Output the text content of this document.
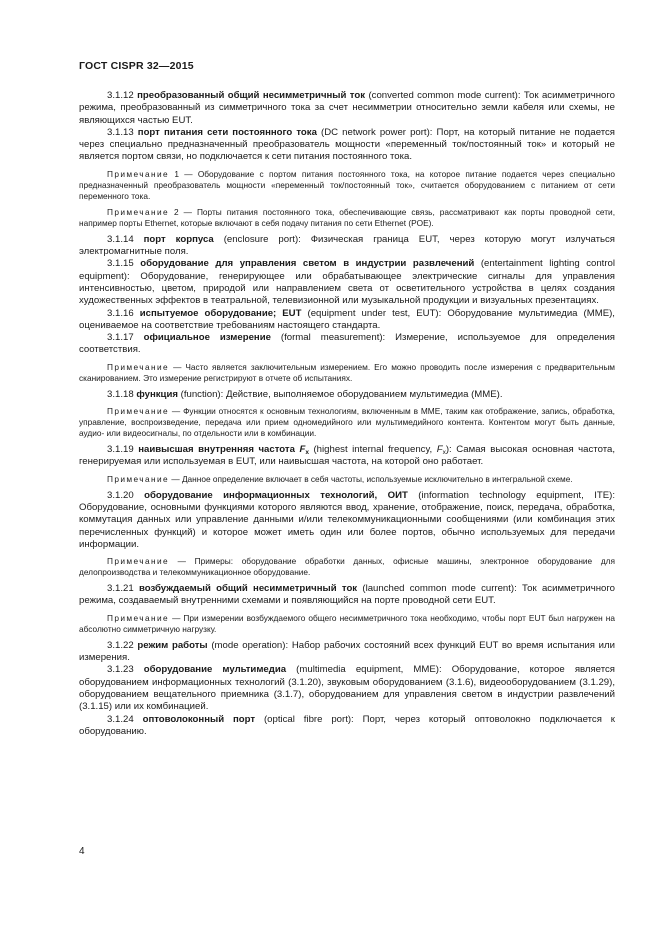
ГОСТ CISPR 32—2015

3.1.12 преобразованный общий несимметричный ток (converted common mode current): Ток асимметричного режима, преобразованный из симметричного тока за счет несимметрии относительно земли кабеля или схемы, не являющихся частью EUT.

3.1.13 порт питания сети постоянного тока (DC network power port): Порт, на который питание не подается через специально предназначенный преобразователь мощности «переменный ток/постоянный ток» и который не является портом связи, но подключается к сети питания постоянного тока.

Примечание 1 — Оборудование с портом питания постоянного тока, на которое питание подается через специально предназначенный преобразователь мощности «переменный ток/постоянный ток», считается оборудованием с питанием от сети переменного тока.

Примечание 2 — Порты питания постоянного тока, обеспечивающие связь, рассматривают как порты проводной сети, например порты Ethernet, которые включают в себя подачу питания по сети Ethernet (POE).

3.1.14 порт корпуса (enclosure port): Физическая граница EUT, через которую могут излучаться электромагнитные поля.

3.1.15 оборудование для управления светом в индустрии развлечений (entertainment lighting control equipment): Оборудование, генерирующее или обрабатывающее электрические сигналы для управления интенсивностью, цветом, природой или направлением света от осветительного устройства в целях создания художественных эффектов в театральной, телевизионной или музыкальной продукции и визуальных презентациях.

3.1.16 испытуемое оборудование; EUT (equipment under test, EUT): Оборудование мультимедиа (MME), оцениваемое на соответствие требованиям настоящего стандарта.

3.1.17 официальное измерение (formal measurement): Измерение, используемое для определения соответствия.

Примечание — Часто является заключительным измерением. Его можно проводить после измерения с предварительным сканированием. Это измерение регистрируют в отчете об испытаниях.

3.1.18 функция (function): Действие, выполняемое оборудованием мультимедиа (MME).

Примечание — Функции относятся к основным технологиям, включенным в MME, таким как отображение, запись, обработка, управление, воспроизведение, передача или прием одномедийного или мультимедийного контента. Контентом могут быть данные, аудио- или видеосигналы, по отдельности или в комбинации.

3.1.19 наивысшая внутренняя частота $F_x$ (highest internal frequency, $F_x$): Самая высокая основная частота, генерируемая или используемая в EUT, или наивысшая частота, на которой оно работает.

Примечание — Данное определение включает в себя частоты, используемые исключительно в интегральной схеме.

3.1.20 оборудование информационных технологий, ОИТ (information technology equipment, ITE): Оборудование, основными функциями которого являются ввод, хранение, отображение, поиск, передача, обработка, коммутация данных или управление данными и/или телекоммуникационными сообщениями (или комбинация этих перечисленных функций) и которое может иметь один или более портов, обычно используемых для передачи информации.

Примечание — Примеры: оборудование обработки данных, офисные машины, электронное оборудование для делопроизводства и телекоммуникационное оборудование.

3.1.21 возбуждаемый общий несимметричный ток (launched common mode current): Ток асимметричного режима, создаваемый внутренними схемами и появляющийся на порте проводной сети EUT.

Примечание — При измерении возбуждаемого общего несимметричного тока необходимо, чтобы порт EUT был нагружен на абсолютно симметричную нагрузку.

3.1.22 режим работы (mode operation): Набор рабочих состояний всех функций EUT во время испытания или измерения.

3.1.23 оборудование мультимедиа (multimedia equipment, MME): Оборудование, которое является оборудованием информационных технологий (3.1.20), звуковым оборудованием (3.1.6), видеооборудованием (3.1.29), оборудованием вещательного приемника (3.1.7), оборудованием для управления светом в индустрии развлечений (3.1.15) или их комбинацией.

3.1.24 оптоволоконный порт (optical fibre port): Порт, через который оптоволокно подключается к оборудованию.

4
